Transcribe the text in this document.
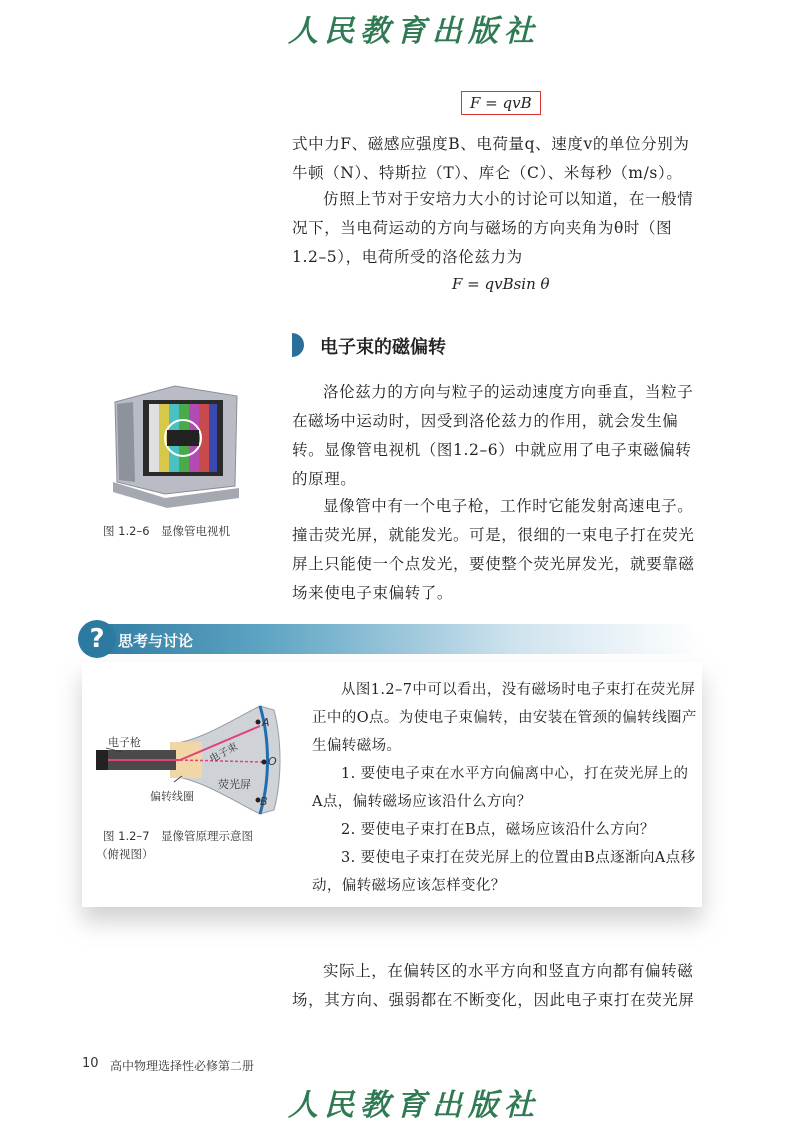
人民教育出版社
F = qvB

式中力F、磁感应强度B、电荷量q、速度v的单位分别为牛顿（N）、特斯拉（T）、库仑（C）、米每秒（m/s）。

仿照上节对于安培力大小的讨论可以知道，在一般情况下，当电荷运动的方向与磁场的方向夹角为θ时（图1.2–5），电荷所受的洛伦兹力为

F = qvBsin θ
电子束的磁偏转
图 1.2–6　显像管电视机

洛伦兹力的方向与粒子的运动速度方向垂直，当粒子在磁场中运动时，因受到洛伦兹力的作用，就会发生偏转。显像管电视机（图1.2–6）中就应用了电子束磁偏转的原理。

显像管中有一个电子枪，工作时它能发射高速电子。撞击荧光屏，就能发光。可是，很细的一束电子打在荧光屏上只能使一个点发光，要使整个荧光屏发光，就要靠磁场来使电子束偏转了。

? 思考与讨论
电子枪
偏转线圈
电子束
荧光屏
A
O
B
图 1.2–7　显像管原理示意图
（俯视图）

从图1.2–7中可以看出，没有磁场时电子束打在荧光屏正中的O点。为使电子束偏转，由安装在管颈的偏转线圈产生偏转磁场。

1. 要使电子束在水平方向偏离中心，打在荧光屏上的A点，偏转磁场应该沿什么方向？

2. 要使电子束打在B点，磁场应该沿什么方向？

3. 要使电子束打在荧光屏上的位置由B点逐渐向A点移动，偏转磁场应该怎样变化？

实际上，在偏转区的水平方向和竖直方向都有偏转磁场，其方向、强弱都在不断变化，因此电子束打在荧光屏

10 高中物理选择性必修第二册
人民教育出版社
